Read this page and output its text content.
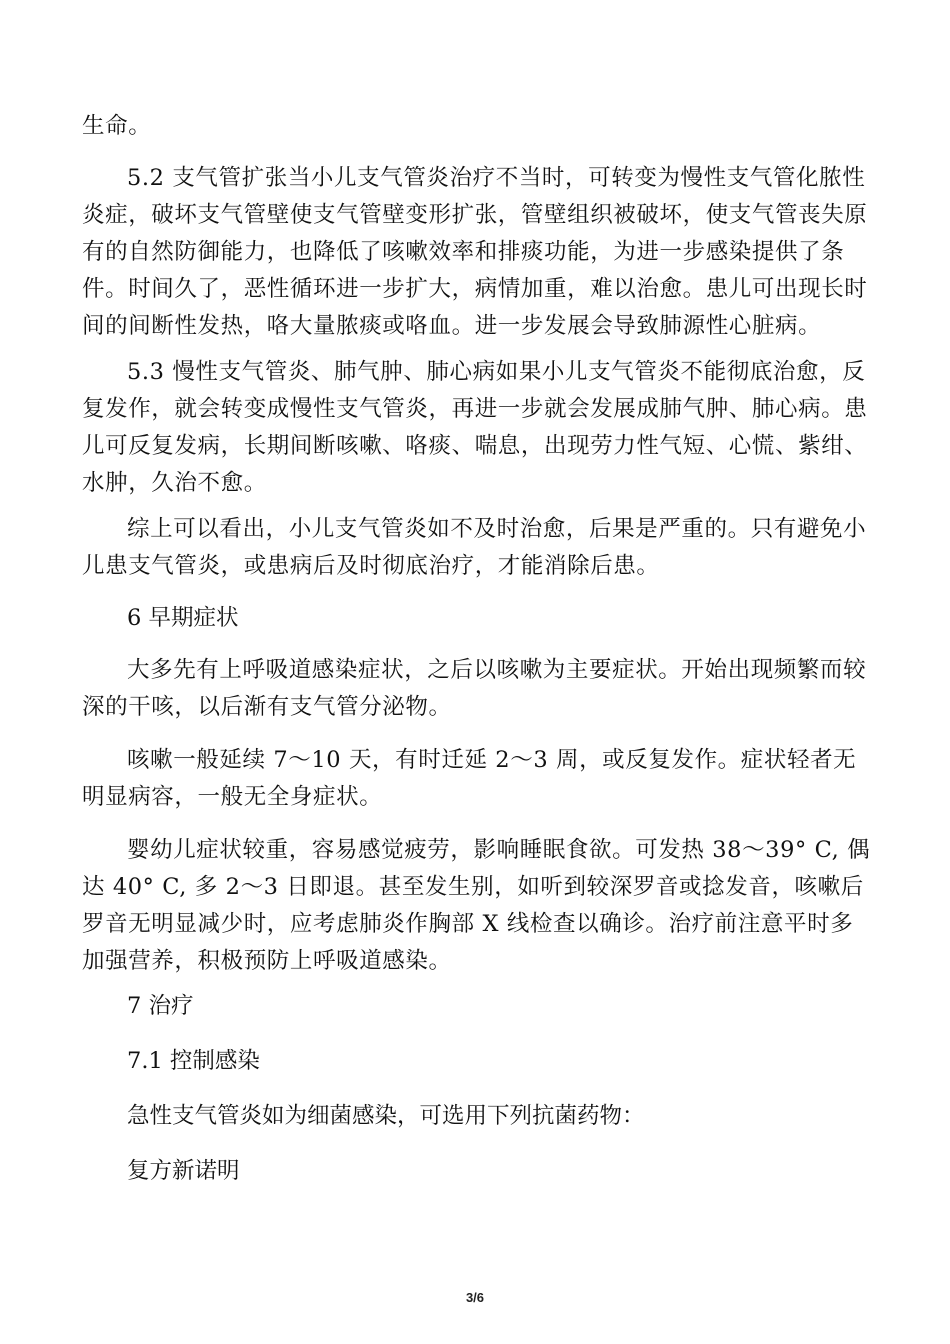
生命。

5.2 支气管扩张当小儿支气管炎治疗不当时，可转变为慢性支气管化脓性炎症，破坏支气管壁使支气管壁变形扩张，管壁组织被破坏，使支气管丧失原有的自然防御能力，也降低了咳嗽效率和排痰功能，为进一步感染提供了条件。时间久了，恶性循环进一步扩大，病情加重，难以治愈。患儿可出现长时间的间断性发热，咯大量脓痰或咯血。进一步发展会导致肺源性心脏病。

5.3 慢性支气管炎、肺气肿、肺心病如果小儿支气管炎不能彻底治愈，反复发作，就会转变成慢性支气管炎，再进一步就会发展成肺气肿、肺心病。患儿可反复发病，长期间断咳嗽、咯痰、喘息，出现劳力性气短、心慌、紫绀、水肿，久治不愈。

综上可以看出，小儿支气管炎如不及时治愈，后果是严重的。只有避免小儿患支气管炎，或患病后及时彻底治疗，才能消除后患。

6 早期症状

大多先有上呼吸道感染症状，之后以咳嗽为主要症状。开始出现频繁而较深的干咳，以后渐有支气管分泌物。

咳嗽一般延续 7～10 天，有时迁延 2～3 周，或反复发作。症状轻者无明显病容，一般无全身症状。

婴幼儿症状较重，容易感觉疲劳，影响睡眠食欲。可发热 38～39° C, 偶达 40° C, 多 2～3 日即退。甚至发生别，如听到较深罗音或捻发音，咳嗽后罗音无明显减少时，应考虑肺炎作胸部 X 线检查以确诊。治疗前注意平时多加强营养，积极预防上呼吸道感染。

7 治疗

7.1 控制感染

急性支气管炎如为细菌感染，可选用下列抗菌药物：

复方新诺明

3/6
